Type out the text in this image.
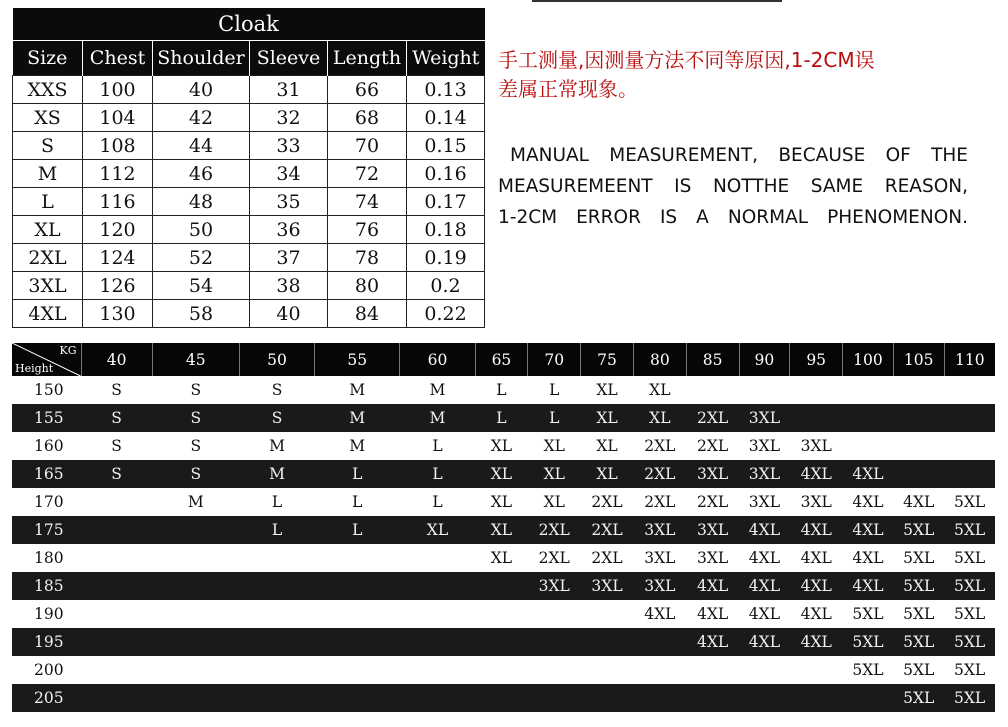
Cloak					
Size	Chest	Shoulder	Sleeve	Length	Weight
XXS	100	40	31	66	0.13
XS	104	42	32	68	0.14
S	108	44	33	70	0.15
M	112	46	34	72	0.16
L	116	48	35	74	0.17
XL	120	50	36	76	0.18
2XL	124	52	37	78	0.19
3XL	126	54	38	80	0.2
4XL	130	58	40	84	0.22
手工测量,因测量方法不同等原因,1-2CM误
差属正常现象。
MANUAL MEASUREMENT, BECAUSE OF THE
MEASUREMEENT IS NOTTHE SAME REASON,
1-2CM ERROR IS A NORMAL PHENOMENON.
KG
Height	40	45	50	55	60	65	70	75	80	85	90	95	100	105	110
150	S	S	S	M	M	L	L	XL	XL						
155	S	S	S	M	M	L	L	XL	XL	2XL	3XL				
160	S	S	M	M	L	XL	XL	XL	2XL	2XL	3XL	3XL			
165	S	S	M	L	L	XL	XL	XL	2XL	3XL	3XL	4XL	4XL		
170		M	L	L	L	XL	XL	2XL	2XL	2XL	3XL	3XL	4XL	4XL	5XL
175			L	L	XL	XL	2XL	2XL	3XL	3XL	4XL	4XL	4XL	5XL	5XL
180						XL	2XL	2XL	3XL	3XL	4XL	4XL	4XL	5XL	5XL
185							3XL	3XL	3XL	4XL	4XL	4XL	4XL	5XL	5XL
190									4XL	4XL	4XL	4XL	5XL	5XL	5XL
195										4XL	4XL	4XL	5XL	5XL	5XL
200													5XL	5XL	5XL
205														5XL	5XL
